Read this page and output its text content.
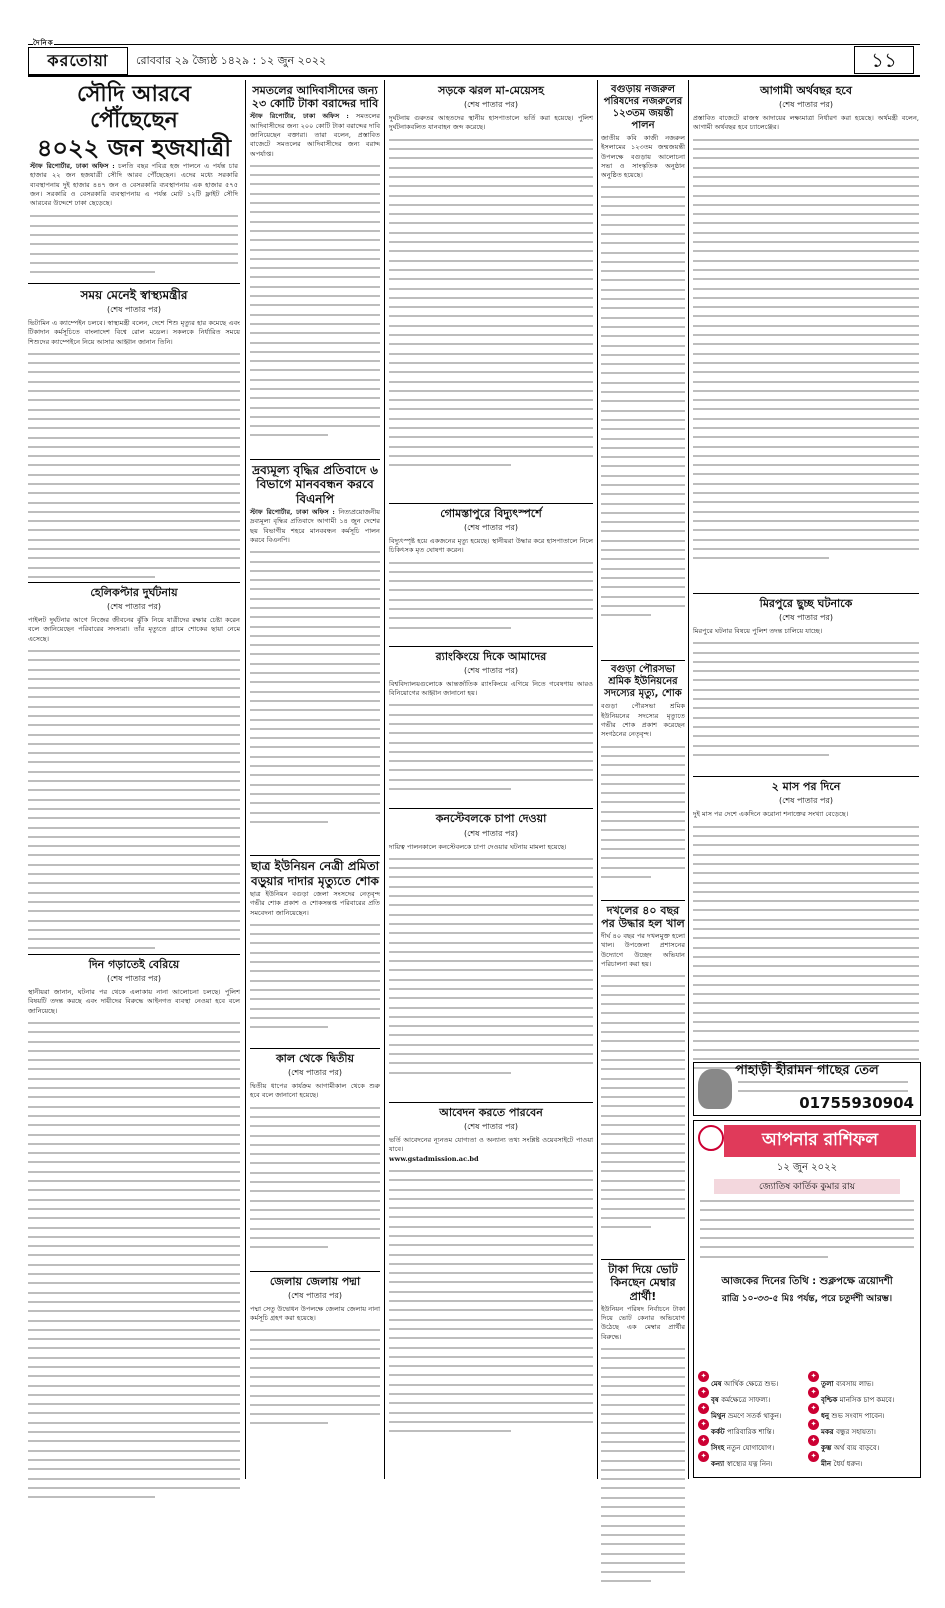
দৈনিক
করতোয়া	রোববার ২৯ জ্যৈষ্ঠ ১৪২৯ : ১২ জুন ২০২২	১১
সৌদি আরবে পৌঁছেছেন
৪০২২ জন হজযাত্রী

স্টাফ রিপোর্টার, ঢাকা অফিস : চলতি বছর পবিত্র হজ পালনে এ পর্যন্ত চার হাজার ২২ জন হজযাত্রী সৌদি আরব পৌঁছেছেন। এদের মধ্যে সরকারি ব্যবস্থাপনায় দুই হাজার ৪৪৭ জন ও বেসরকারি ব্যবস্থাপনায় এক হাজার ৫৭৫ জন। সরকারি ও বেসরকারি ব্যবস্থাপনায় এ পর্যন্ত মোট ১২টি ফ্লাইট সৌদি আরবের উদ্দেশে ঢাকা ছেড়েছে।

সময় মেনেই স্বাস্থ্যমন্ত্রীর

(শেষ পাতার পর)

ভিটামিন এ ক্যাম্পেইন চলবে। স্বাস্থ্যমন্ত্রী বলেন, দেশে শিশু মৃত্যুর হার কমেছে এবং টিকাদান কর্মসূচিতে বাংলাদেশ বিশ্বে রোল মডেল। সকলকে নির্ধারিত সময়ে শিশুদের ক্যাম্পেইনে নিয়ে আসার আহ্বান জানান তিনি।

হেলিকপ্টার দুর্ঘটনায়

(শেষ পাতার পর)

পাইলট দুর্ঘটনার আগে নিজের জীবনের ঝুঁকি নিয়ে যাত্রীদের রক্ষার চেষ্টা করেন বলে জানিয়েছেন পরিবারের সদস্যরা। তাঁর মৃত্যুতে গ্রামে শোকের ছায়া নেমে এসেছে।

দিন গড়াতেই বেরিয়ে

(শেষ পাতার পর)

স্থানীয়রা জানান, ঘটনার পর থেকে এলাকায় নানা আলোচনা চলছে। পুলিশ বিষয়টি তদন্ত করছে এবং দায়ীদের বিরুদ্ধে আইনগত ব্যবস্থা নেওয়া হবে বলে জানিয়েছে।

সমতলের আদিবাসীদের জন্য ২৩ কোটি টাকা বরাদ্দের দাবি

স্টাফ রিপোর্টার, ঢাকা অফিস : সমতলের আদিবাসীদের জন্য ২০০ কোটি টাকা বরাদ্দের দাবি জানিয়েছেন বক্তারা। তারা বলেন, প্রস্তাবিত বাজেটে সমতলের আদিবাসীদের জন্য বরাদ্দ অপর্যাপ্ত।

দ্রব্যমূল্য বৃদ্ধির প্রতিবাদে ৬ বিভাগে মানববন্ধন করবে বিএনপি

স্টাফ রিপোর্টার, ঢাকা অফিস : নিত্যপ্রয়োজনীয় দ্রব্যমূল্য বৃদ্ধির প্রতিবাদে আগামী ১৪ জুন দেশের ছয় বিভাগীয় শহরে মানববন্ধন কর্মসূচি পালন করবে বিএনপি।

ছাত্র ইউনিয়ন নেত্রী প্রমিতা বড়ুয়ার দাদার মৃত্যুতে শোক

ছাত্র ইউনিয়ন বগুড়া জেলা সংসদের নেতৃবৃন্দ গভীর শোক প্রকাশ ও শোকসন্তপ্ত পরিবারের প্রতি সমবেদনা জানিয়েছেন।

কাল থেকে দ্বিতীয়

(শেষ পাতার পর)

দ্বিতীয় ধাপের কার্যক্রম আগামীকাল থেকে শুরু হবে বলে জানানো হয়েছে।

জেলায় জেলায় পদ্মা

(শেষ পাতার পর)

পদ্মা সেতু উদ্বোধন উপলক্ষে জেলায় জেলায় নানা কর্মসূচি গ্রহণ করা হয়েছে।

সড়কে ঝরল মা-মেয়েসহ

(শেষ পাতার পর)

দুর্ঘটনায় গুরুতর আহতদের স্থানীয় হাসপাতালে ভর্তি করা হয়েছে। পুলিশ দুর্ঘটনাকবলিত যানবাহন জব্দ করেছে।

গোমস্তাপুরে বিদ্যুৎস্পর্শে

(শেষ পাতার পর)

বিদ্যুৎস্পৃষ্ট হয়ে একজনের মৃত্যু হয়েছে। স্থানীয়রা উদ্ধার করে হাসপাতালে নিলে চিকিৎসক মৃত ঘোষণা করেন।

র‍্যাংকিংয়ে দিকে আমাদের

(শেষ পাতার পর)

বিশ্ববিদ্যালয়গুলোকে আন্তর্জাতিক র‍্যাংকিংয়ে এগিয়ে নিতে গবেষণায় আরও বিনিয়োগের আহ্বান জানানো হয়।

কনস্টেবলকে চাপা দেওয়া

(শেষ পাতার পর)

দায়িত্ব পালনকালে কনস্টেবলকে চাপা দেওয়ার ঘটনায় মামলা হয়েছে।

আবেদন করতে পারবেন

(শেষ পাতার পর)

ভর্তি আবেদনের ন্যূনতম যোগ্যতা ও অন্যান্য তথ্য সংশ্লিষ্ট ওয়েবসাইটে পাওয়া যাবে।

www.gstadmission.ac.bd

বগুড়ায় নজরুল পরিষদের নজরুলের ১২৩তম জয়ন্তী পালন

জাতীয় কবি কাজী নজরুল ইসলামের ১২৩তম জন্মজয়ন্তী উপলক্ষে বগুড়ায় আলোচনা সভা ও সাংস্কৃতিক অনুষ্ঠান অনুষ্ঠিত হয়েছে।

বগুড়া পৌরসভা শ্রমিক ইউনিয়নের সদস্যের মৃত্যু, শোক

বগুড়া পৌরসভা শ্রমিক ইউনিয়নের সদস্যের মৃত্যুতে গভীর শোক প্রকাশ করেছেন সংগঠনের নেতৃবৃন্দ।

দখলের ৪০ বছর পর উদ্ধার হল খাল

দীর্ঘ ৪০ বছর পর দখলমুক্ত হলো খাল। উপজেলা প্রশাসনের উদ্যোগে উচ্ছেদ অভিযান পরিচালনা করা হয়।

টাকা দিয়ে ভোট কিনছেন মেম্বার প্রার্থী!

ইউনিয়ন পরিষদ নির্বাচনে টাকা দিয়ে ভোট কেনার অভিযোগ উঠেছে এক মেম্বার প্রার্থীর বিরুদ্ধে।

আগামী অর্থবছর হবে

(শেষ পাতার পর)

প্রস্তাবিত বাজেটে রাজস্ব আদায়ের লক্ষ্যমাত্রা নির্ধারণ করা হয়েছে। অর্থমন্ত্রী বলেন, আগামী অর্থবছর হবে চ্যালেঞ্জের।

মিরপুরে ছুচ্ছ ঘটনাকে

(শেষ পাতার পর)

মিরপুরে ঘটনার বিষয়ে পুলিশ তদন্ত চালিয়ে যাচ্ছে।

২ মাস পর দিনে

(শেষ পাতার পর)

দুই মাস পর দেশে একদিনে করোনা শনাক্তের সংখ্যা বেড়েছে।

পাহাড়ী হীরামন গাছের তেল
01755930904
আপনার রাশিফল
১২ জুন ২০২২
জ্যোতিষ কার্তিক কুমার রায়
আজকের দিনের তিথি : শুক্লপক্ষে ত্রয়োদশী
রাত্রি ১০-৩৩-৫ মিঃ পর্যন্ত, পরে চতুর্দশী আরম্ভ।
✦মেষ আর্থিক ক্ষেত্রে শুভ।
✦বৃষ কর্মক্ষেত্রে সাফল্য।
✦মিথুন ভ্রমণে সতর্ক থাকুন।
✦কর্কট পারিবারিক শান্তি।
✦সিংহ নতুন যোগাযোগ।
✦কন্যা স্বাস্থ্যের যত্ন নিন।
✦তুলা ব্যবসায় লাভ।
✦বৃশ্চিক মানসিক চাপ কমবে।
✦ধনু শুভ সংবাদ পাবেন।
✦মকর বন্ধুর সহায়তা।
✦কুম্ভ অর্থ ব্যয় বাড়বে।
✦মীন ধৈর্য ধরুন।
